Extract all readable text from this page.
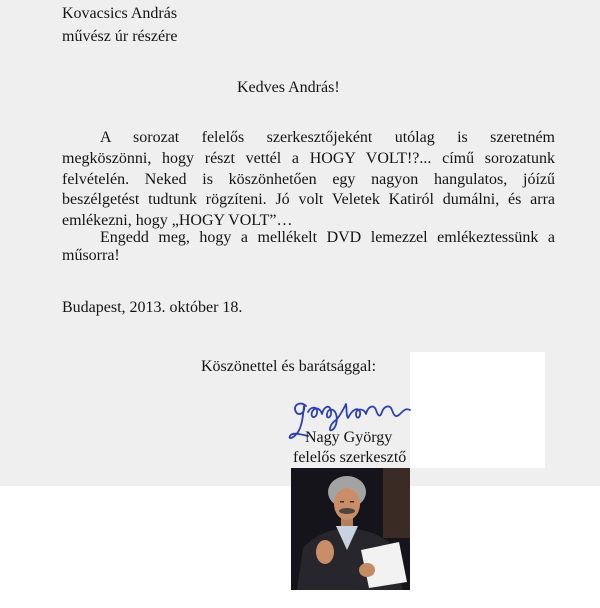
Kovacsics András
művész úr részére
Kedves András!
A sorozat felelős szerkesztőjeként utólag is szeretném
megköszönni, hogy részt vettél a HOGY VOLT!?... című sorozatunk
felvételén. Neked is köszönhetően egy nagyon hangulatos, jóízű
beszélgetést tudtunk rögzíteni. Jó volt Veletek Katiról dumálni, és arra
emlékezni, hogy „HOGY VOLT”…
Engedd meg, hogy a mellékelt DVD lemezzel emlékeztessünk a
műsorra!
Budapest, 2013. október 18.
Köszönettel és barátsággal:
Nagy György
felelős szerkesztő
